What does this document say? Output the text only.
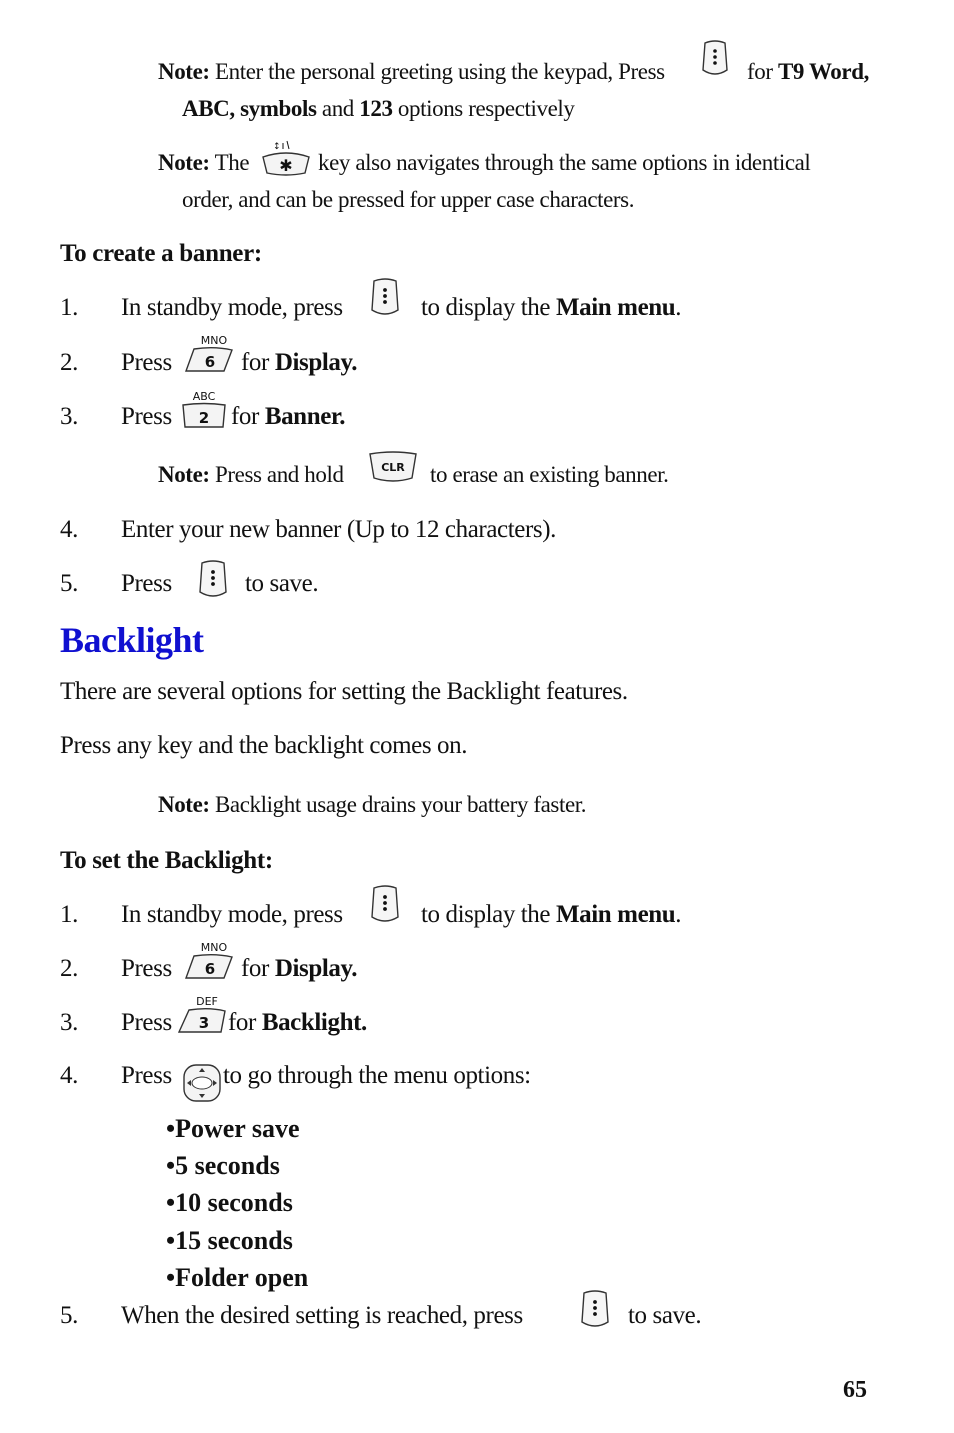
Note: Enter the personal greeting using the keypad, Press	for T9 Word,
ABC, symbols and 123 options respectively
Note: The ✱
↕
key also navigates through the same options in identical
order, and can be pressed for upper case characters.
To create a banner:
1. In standby mode, press	to display the Main menu.
2. Press	for Display.
MNO
6
3. Press for Banner.
ABC
2
Note: Press and hold	CLR to erase an existing banner.
4. Enter your new banner (Up to 12 characters).
5. Press	to save.
Backlight
There are several options for setting the Backlight features.
Press any key and the backlight comes on.
Note: Backlight usage drains your battery faster.
To set the Backlight:
1. In standby mode, press	to display the Main menu.
2. Press	for Display.
MNO
6
3. Press for Backlight.
DEF
3
4. Press to go through the menu options:
•Power save
•5 seconds
•10 seconds
•15 seconds
•Folder open
5. When the desired setting is reached, press	to save.
65
